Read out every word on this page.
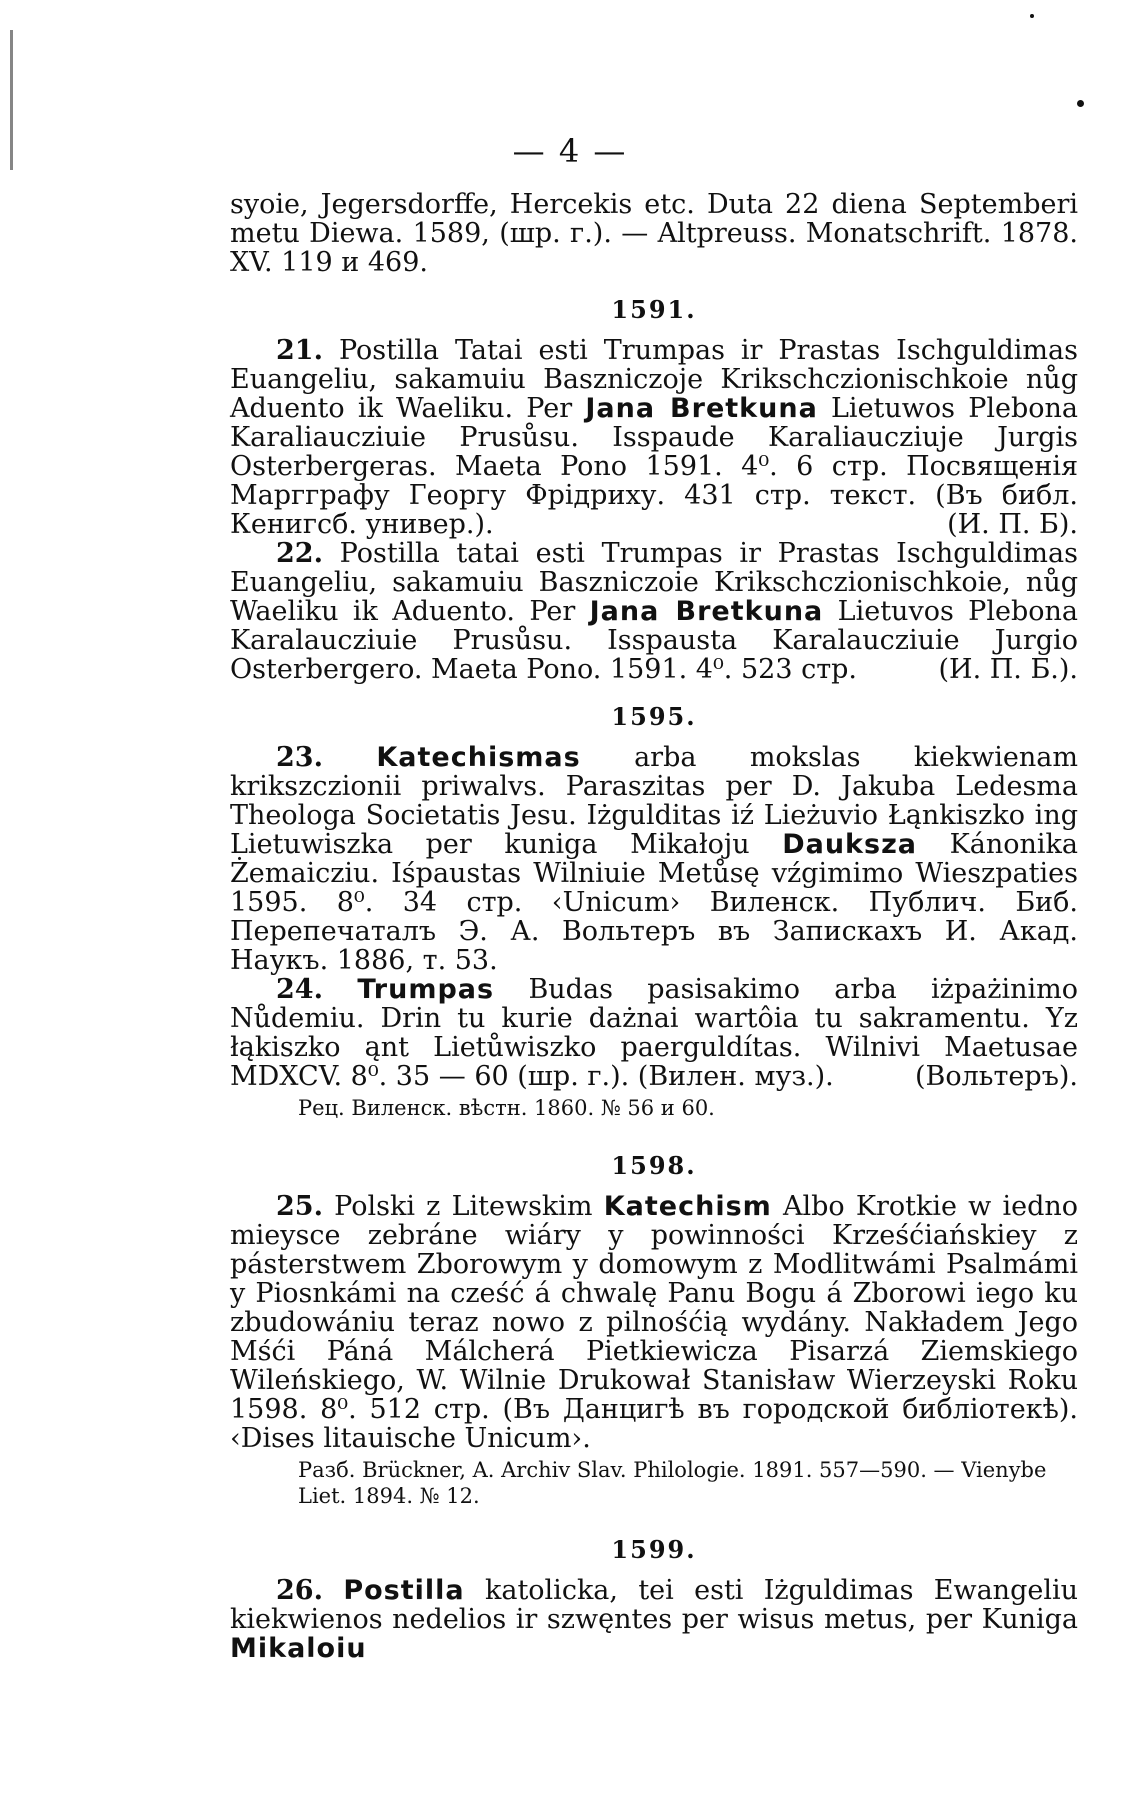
— 4 —

syoie, Jegersdorffe, Hercekis etc. Duta 22 diena Septemberi metu Diewa. 1589, (шр. г.). — Altpreuss. Monatschrift. 1878. XV. 119 и 469.

1591.

21. Postilla Tatai esti Trumpas ir Prastas Ischguldimas Euangeliu, sakamuiu Baszniczoje Krikschczionischkoie nůg Aduento ik Waeliku. Per Jana Bretkuna Lietuwos Plebona Karaliaucziuie Prusůsu. Isspaude Karaliaucziuje Jurgis Osterbergeras. Maeta Pono 1591. 4⁰. 6 стр. Посвященія Маргграфу Георгу Фрідриху. 431 стр. текст. (Въ библ. Кенигсб. универ.).	(И. П. Б).

22. Postilla tatai esti Trumpas ir Prastas Ischguldimas Euangeliu, sakamuiu Baszniczoie Krikschczionischkoie, nůg Waeliku ik Aduento. Per Jana Bretkuna Lietuvos Plebona Karalaucziuie Prusůsu. Isspausta Karalaucziuie Jurgio Osterbergero. Maeta Pono. 1591. 4⁰. 523 стр.	(И. П. Б.).

1595.

23. Katechismas arba mokslas kiekwienam krikszczionii priwalvs. Paraszitas per D. Jakuba Ledesma Theologa Societatis Jesu. Iżgulditas iź Lieżuvio Łąnkiszko ing Lietuwiszka per kuniga Mikałoju Dauksza Kánonika Żemaicziu. Iśpaustas Wilniuie Metůsę vźgimimo Wieszpaties 1595. 8⁰. 34 стр. ‹Unicum› Виленск. Публич. Биб. Перепечаталъ Э. А. Вольтеръ въ Запискахъ И. Акад. Наукъ. 1886, т. 53.

24. Trumpas Budas pasisakimo arba iżpażinimo Nůdemiu. Drin tu kurie dażnai wartôia tu sakramentu. Yz łąkiszko ąnt Lietůwiszko paerguldítas. Wilnivi Maetusae MDXCV. 8⁰. 35 — 60 (шр. г.). (Вилен. муз.).	(Вольтеръ).

Рец. Виленск. вѣстн. 1860. № 56 и 60.

1598.

25. Polski z Litewskim Katechism Albo Krotkie w iedno mieysce zebráne wiáry y powinności Krześćiańskiey z pásterstwem Zborowym y domowym z Modlitwámi Psalmámi y Piosnkámi na cześć á chwalę Panu Bogu á Zborowi iego ku zbudowániu teraz nowo z pilnośćią wydány. Nakładem Jego Mśći Páná Málcherá Pietkiewicza Pisarzá Ziemskiego Wileńskiego, W. Wilnie Drukował Stanisław Wierzeyski Roku 1598. 8⁰. 512 стр. (Въ Данцигѣ въ городской библіотекѣ). ‹Dises litauische Unicum›.

Разб. Brückner, A. Archiv Slav. Philologie. 1891. 557—590. — Vienybe Liet. 1894. № 12.

1599.

26. Postilla katolicka, tei esti Iżguldimas Ewangeliu kiekwienos nedelios ir szwęntes per wisus metus, per Kuniga Mikaloiu
